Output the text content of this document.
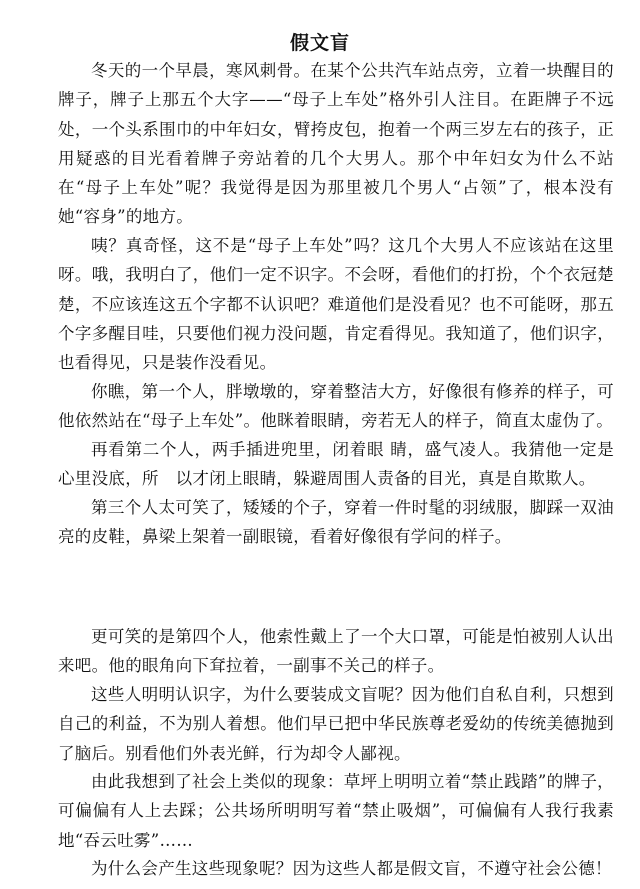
假文盲

冬天的一个早晨，寒风刺骨。在某个公共汽车站点旁，立着一块醒目的牌子，牌子上那五个大字——“母子上车处”格外引人注目。在距牌子不远处，一个头系围巾的中年妇女，臂挎皮包，抱着一个两三岁左右的孩子，正用疑惑的目光看着牌子旁站着的几个大男人。那个中年妇女为什么不站在“母子上车处”呢？我觉得是因为那里被几个男人“占领”了，根本没有她“容身”的地方。

咦？真奇怪，这不是“母子上车处”吗？这几个大男人不应该站在这里呀。哦，我明白了，他们一定不识字。不会呀，看他们的打扮，个个衣冠楚楚，不应该连这五个字都不认识吧？难道他们是没看见？也不可能呀，那五个字多醒目哇，只要他们视力没问题，肯定看得见。我知道了，他们识字，也看得见，只是装作没看见。

你瞧，第一个人，胖墩墩的，穿着整洁大方，好像很有修养的样子，可他依然站在“母子上车处”。他眯着眼睛，旁若无人的样子，简直太虚伪了。

再看第二个人，两手插进兜里，闭着眼 睛，盛气凌人。我猜他一定是心里没底，所　以才闭上眼睛，躲避周围人责备的目光，真是自欺欺人。

第三个人太可笑了，矮矮的个子，穿着一件时髦的羽绒服，脚踩一双油亮的皮鞋，鼻梁上架着一副眼镜，看着好像很有学问的样子。

更可笑的是第四个人，他索性戴上了一个大口罩，可能是怕被别人认出来吧。他的眼角向下耷拉着，一副事不关己的样子。

这些人明明认识字，为什么要装成文盲呢？因为他们自私自利，只想到自己的利益，不为别人着想。他们早已把中华民族尊老爱幼的传统美德抛到了脑后。别看他们外表光鲜，行为却令人鄙视。

由此我想到了社会上类似的现象：草坪上明明立着“禁止践踏”的牌子，可偏偏有人上去踩；公共场所明明写着“禁止吸烟”，可偏偏有人我行我素地“吞云吐雾”……

为什么会产生这些现象呢？因为这些人都是假文盲，不遵守社会公德！
